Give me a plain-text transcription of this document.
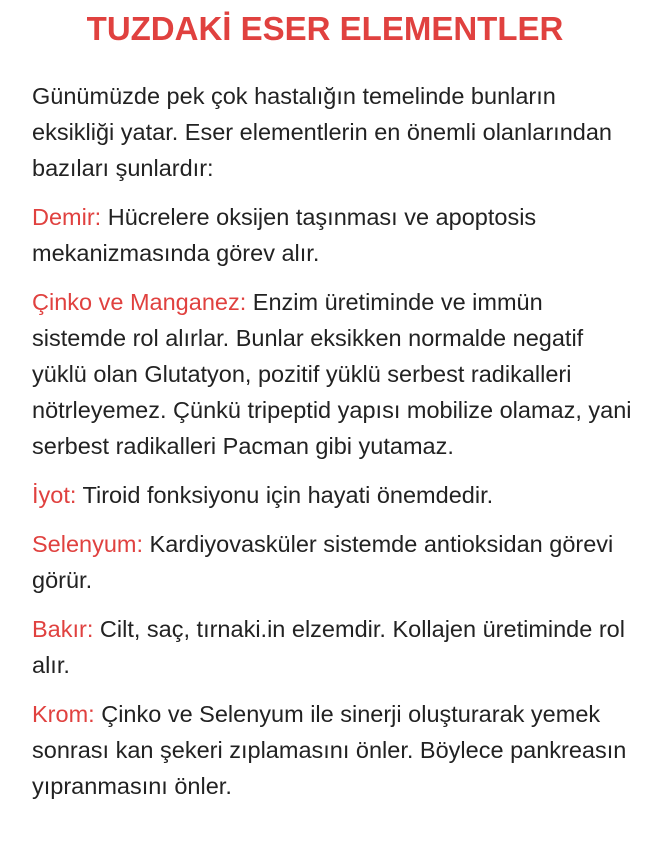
TUZDAKİ ESER ELEMENTLER

Günümüzde pek çok hastalığın temelinde bunların eksikliği yatar. Eser elementlerin en önemli olanlarından bazıları şunlardır:

Demir: Hücrelere oksijen taşınması ve apoptosis mekanizmasında görev alır.

Çinko ve Manganez: Enzim üretiminde ve immün sistemde rol alırlar. Bunlar eksikken normalde negatif yüklü olan Glutatyon, pozitif yüklü serbest radikalleri nötrleyemez. Çünkü tripeptid yapısı mobilize olamaz, yani serbest radikalleri Pacman gibi yutamaz.

İyot: Tiroid fonksiyonu için hayati önemdedir.

Selenyum: Kardiyovasküler sistemde antioksidan görevi görür.

Bakır: Cilt, saç, tırnaki.in elzemdir. Kollajen üretiminde rol alır.

Krom: Çinko ve Selenyum ile sinerji oluşturarak yemek sonrası kan şekeri zıplamasını önler. Böylece pankreasın yıpranmasını önler.
